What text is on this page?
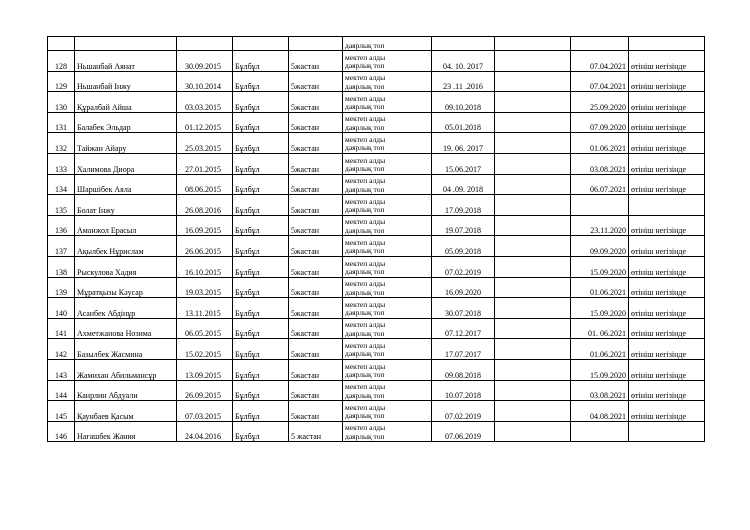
					даярлық топ				
128	Ньшанбай Аянат	30.09.2015	Бұлбұл	5жастан	мектеп алды
даярлық топ	04. 10. 2017		07.04.2021	өтініш негізінде
129	Ньшанбай Інжу	30.10.2014	Бұлбұл	5жастан	мектеп алды
даярлық топ	23 .11 .2016		07.04.2021	өтініш негізінде
130	Құралбай Айша	03.03.2015	Бұлбұл	5жастан	мектеп алды
даярлық топ	09.10.2018		25.09.2020	өтініш негізінде
131	Балабек Эльдар	01.12.2015	Бұлбұл	5жастан	мектеп алды
даярлық топ	05.01.2018		07.09.2020	өтініш негізінде
132	Тайжан Айару	25.03.2015	Бұлбұл	5жастан	мектеп алды
даярлық топ	19. 06. 2017		01.06.2021	өтініш негізінде
133	Халимова Диора	27.01.2015	Бұлбұл	5жастан	мектеп алды
даярлық топ	15.06.2017		03.08.2021	өтініш негізінде
134	Шаршібек Аяла	08.06.2015	Бұлбұл	5жастан	мектеп алды
даярлық топ	04 .09. 2018		06.07.2021	өтініш негізінде
135	Болат Інжу	26.08.2016	Бұлбұл	5жастан	мектеп алды
даярлық топ	17.09.2018			
136	Аманжол Ерасыл	16.09.2015	Бұлбұл	5жастан	мектеп алды
даярлық топ	19.07.2018		23.11.2020	өтініш негізінде
137	Ақылбек Нұрислам	26.06.2015	Бұлбұл	5жастан	мектеп алды
даярлық топ	05.09.2018		09.09.2020	өтініш негізінде
138	Рыскулова Хадия	16.10.2015	Бұлбұл	5жастан	мектеп алды
даярлық топ	07.02.2019		15.09.2020	өтініш негізінде
139	Мұратқызы Кәусар	19.03.2015	Бұлбұл	5жастан	мектеп алды
даярлық топ	16.09.2020		01.06.2021	өтініш негізінде
140	Асанбек Абдінұр	13.11.2015	Бұлбұл	5жастан	мектеп алды
даярлық топ	30.07.2018		15.09.2020	өтініш негізінде
141	Ахметжанова Нозима	06.05.2015	Бұлбұл	5жастан	мектеп алды
даярлық топ	07.12.2017		01. 06.2021	өтініш негізінде
142	Базылбек Жасмина	15.02.2015	Бұлбұл	5жастан	мектеп алды
даярлық топ	17.07.2017		01.06.2021	өтініш негізінде
143	Жамихан Абильмансұр	13.09.2015	Бұлбұл	5жастан	мектеп алды
даярлық топ	09.08.2018		15.09.2020	өтініш негізінде
144	Канрлин Абдуали	26.09.2015	Бұлбұл	5жастан	мектеп алды
даярлық топ	10.07.2018		03.08.2021	өтініш негізінде
145	Қаунбаев Қасым	07.03.2015	Бұлбұл	5жастан	мектеп алды
даярлық топ	07.02.2019		04.08.2021	өтініш негізінде
146	Нағашбек Жания	24.04.2016	Бұлбұл	5 жастан	мектеп алды
даярлық топ	07.06.2019			
